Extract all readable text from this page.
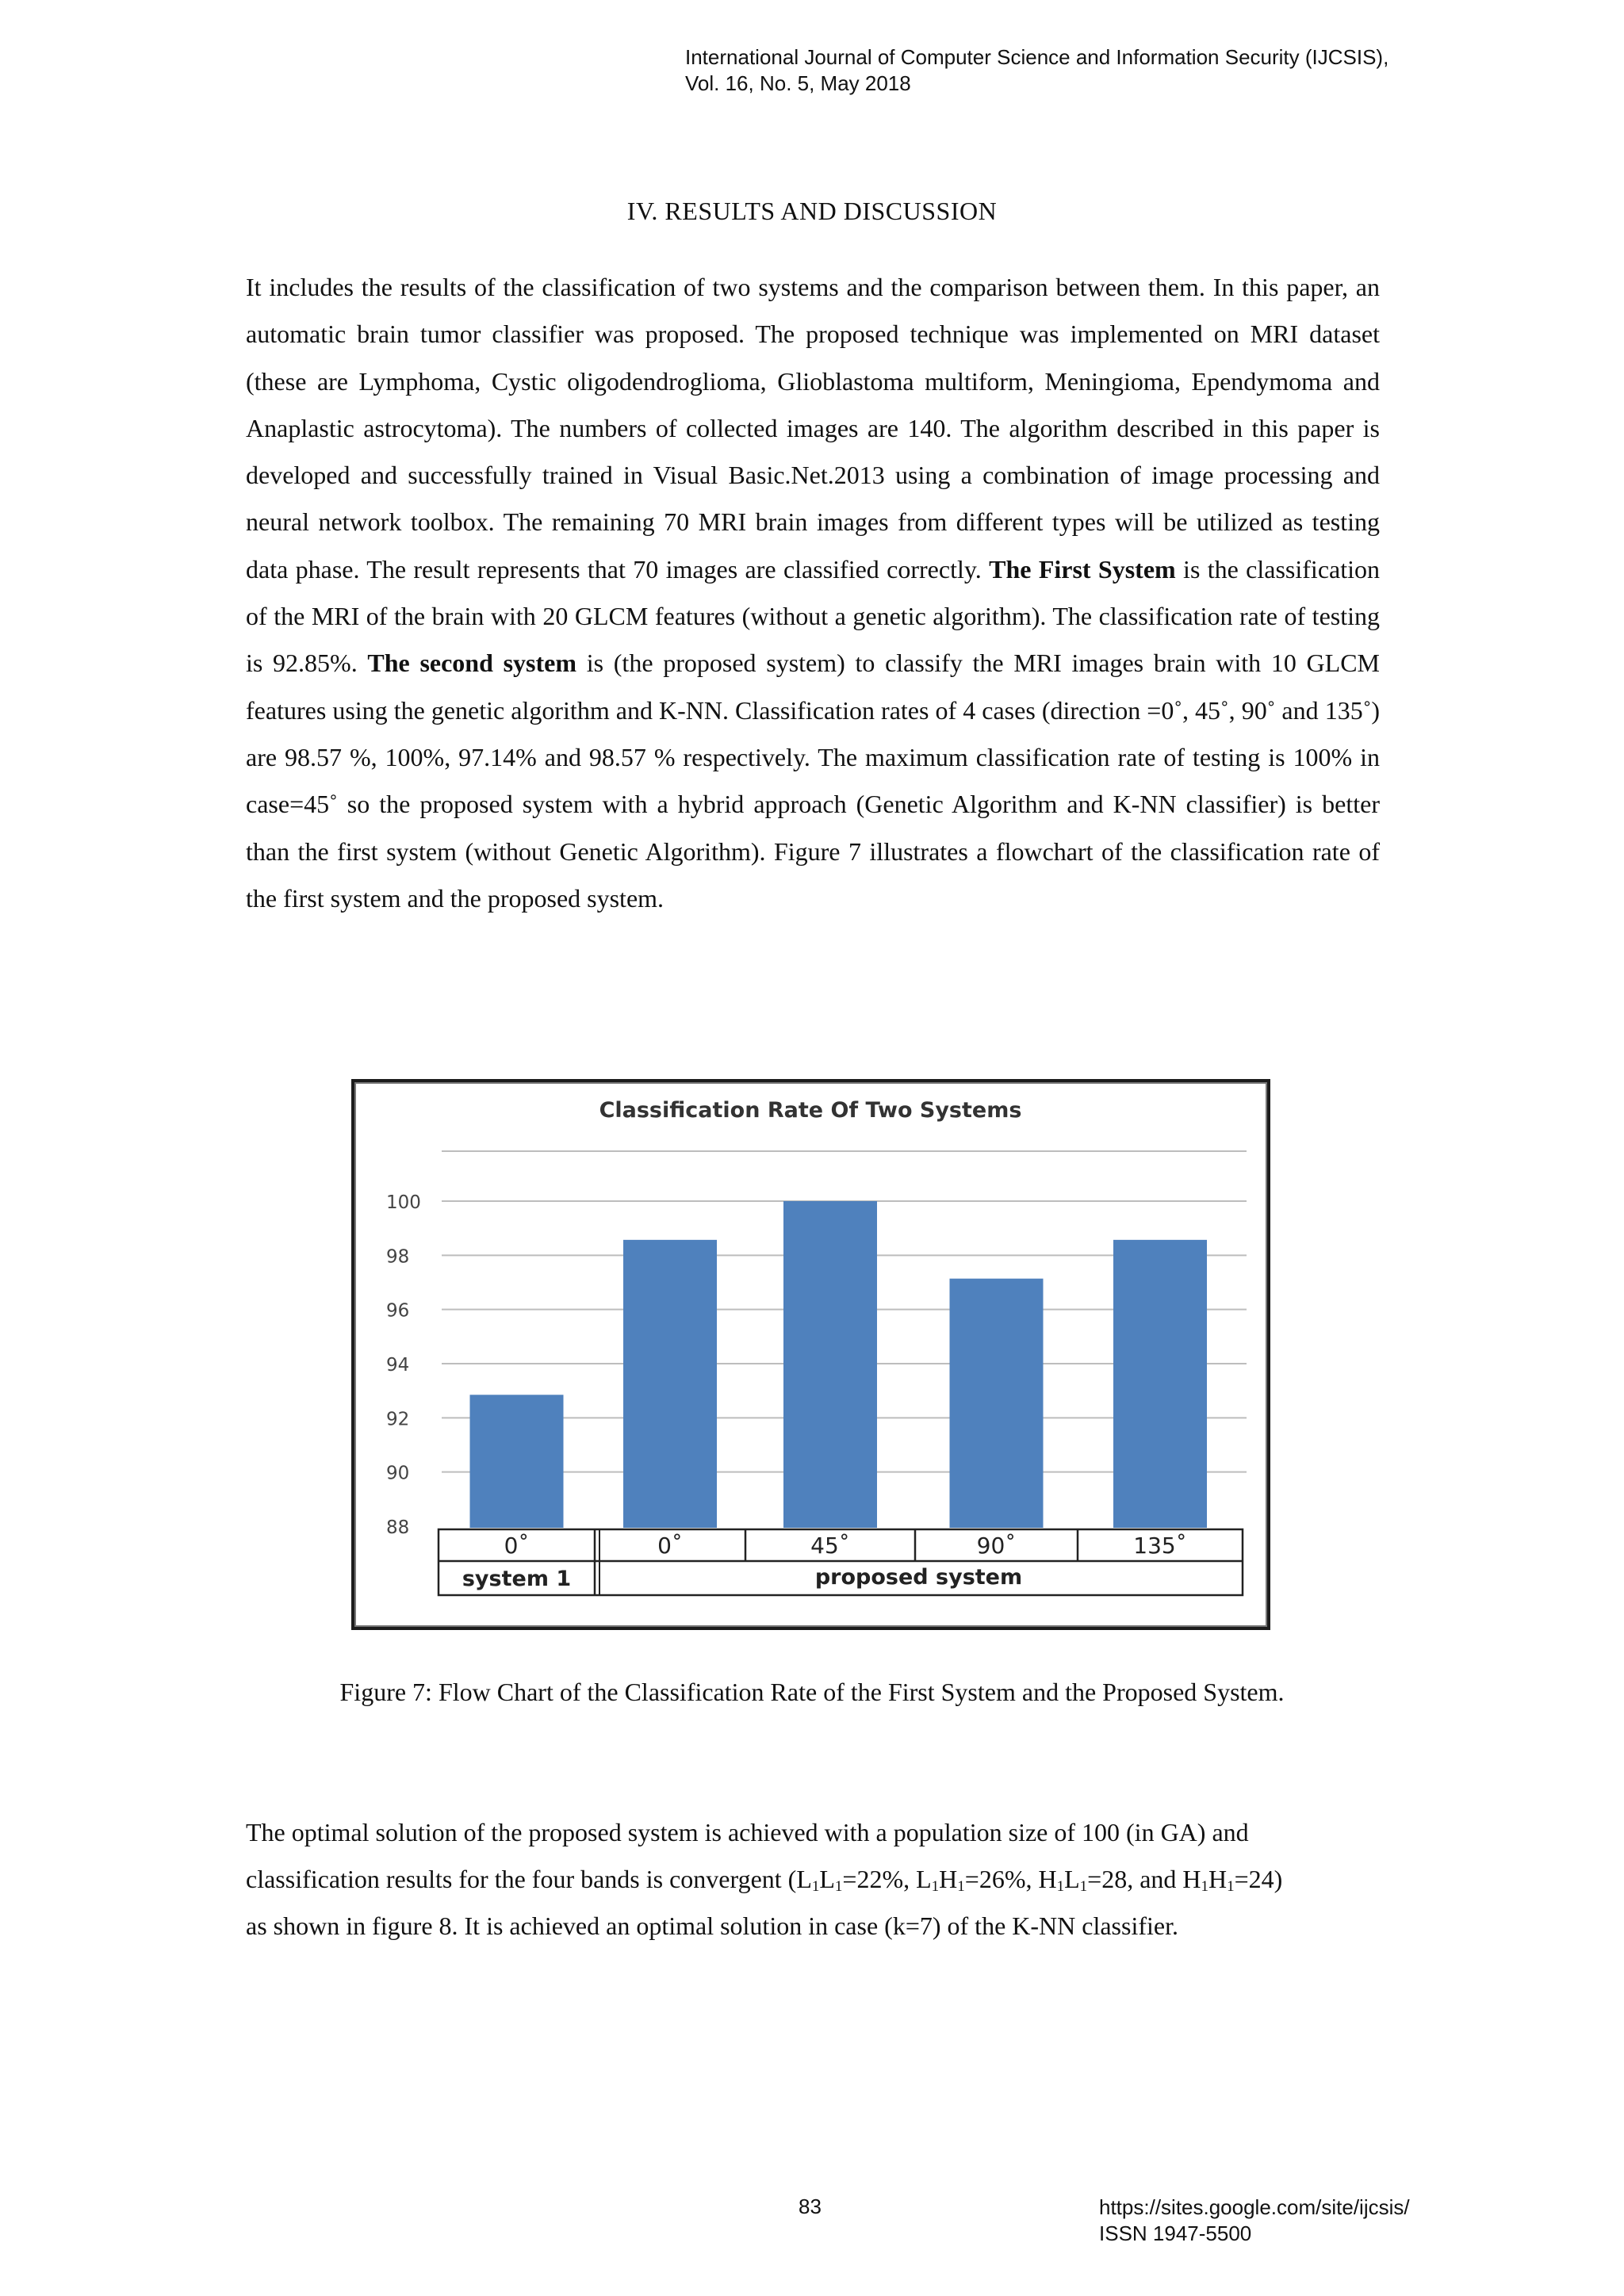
International Journal of Computer Science and Information Security (IJCSIS),
Vol. 16, No. 5, May 2018
IV. RESULTS AND DISCUSSION
It includes the results of the classification of two systems and the comparison between them. In this paper, an automatic brain tumor classifier was proposed. The proposed technique was implemented on MRI dataset (these are Lymphoma, Cystic oligodendroglioma, Glioblastoma multiform, Meningioma, Ependymoma and Anaplastic astrocytoma). The numbers of collected images are 140. The algorithm described in this paper is developed and successfully trained in Visual Basic.Net.2013 using a combination of image processing and neural network toolbox. The remaining 70 MRI brain images from different types will be utilized as testing data phase. The result represents that 70 images are classified correctly. The First System is the classification of the MRI of the brain with 20 GLCM features (without a genetic algorithm). The classification rate of testing is 92.85%. The second system is (the proposed system) to classify the MRI images brain with 10 GLCM features using the genetic algorithm and K-NN. Classification rates of 4 cases (direction =0˚, 45˚, 90˚ and 135˚) are 98.57 %, 100%, 97.14% and 98.57 % respectively. The maximum classification rate of testing is 100% in case=45˚ so the proposed system with a hybrid approach (Genetic Algorithm and K-NN classifier) is better than the first system (without Genetic Algorithm). Figure 7 illustrates a flowchart of the classification rate of the first system and the proposed system.
Classification Rate Of Two Systems
100
98
96
94
92
90
88
0˚	0˚	45˚	90˚	135˚
system 1	proposed system
Figure 7: Flow Chart of the Classification Rate of the First System and the Proposed System.
The optimal solution of the proposed system is achieved with a population size of 100 (in GA) and
classification results for the four bands is convergent ($L_1L_1=22\%$, $L_1H_1=26\%$, $H_1L_1=28$, and $H_1H_1=24$)
as shown in figure 8. It is achieved an optimal solution in case (k=7) of the K-NN classifier.
83	https://sites.google.com/site/ijcsis/
ISSN 1947-5500
